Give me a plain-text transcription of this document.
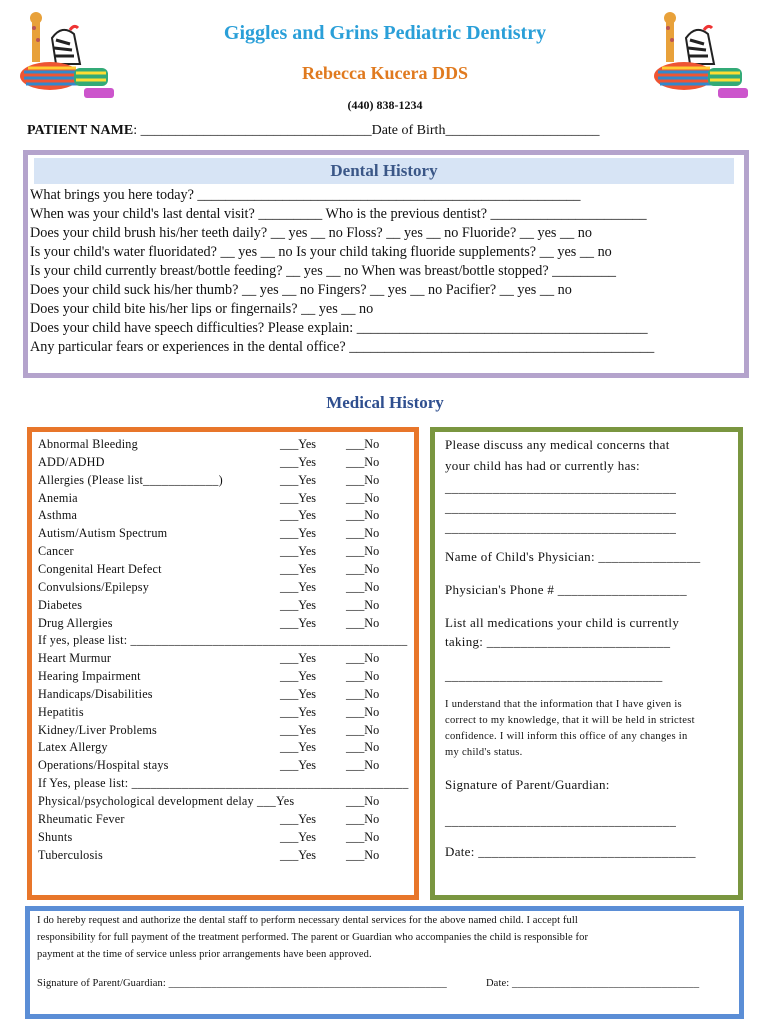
Giggles and Grins Pediatric Dentistry
Rebecca Kucera DDS
(440) 838-1234
PATIENT NAME: _________________________________Date of Birth______________________
Dental History
What brings you here today? ______________________________________________________
When was your child's last dental visit? _________ Who is the previous dentist? ______________________
Does your child brush his/her teeth daily? __ yes __ no Floss? __ yes __ no Fluoride? __ yes __ no
Is your child's water fluoridated? __ yes __ no Is your child taking fluoride supplements? __ yes __ no
Is your child currently breast/bottle feeding? __ yes __ no When was breast/bottle stopped? _________
Does your child suck his/her thumb? __ yes __ no Fingers? __ yes __ no Pacifier? __ yes __ no
Does your child bite his/her lips or fingernails? __ yes __ no
Does your child have speech difficulties? Please explain: _________________________________________
Any particular fears or experiences in the dental office? ___________________________________________
Medical History
Abnormal Bleeding	___Yes ___No
ADD/ADHD	___Yes ___No
Allergies (Please list____________)	___Yes ___No
Anemia	___Yes ___No
Asthma	___Yes ___No
Autism/Autism Spectrum	___Yes ___No
Cancer	___Yes ___No
Congenital Heart Defect	___Yes ___No
Convulsions/Epilepsy	___Yes ___No
Diabetes	___Yes ___No
Drug Allergies	___Yes ___No
If yes, please list: ____________________________________________
Heart Murmur	___Yes ___No
Hearing Impairment	___Yes ___No
Handicaps/Disabilities	___Yes ___No
Hepatitis	___Yes ___No
Kidney/Liver Problems	___Yes ___No
Latex Allergy	___Yes ___No
Operations/Hospital stays	___Yes ___No
If Yes, please list: ____________________________________________
Physical/psychological development delay ___Yes	___No
Rheumatic Fever	___Yes ___No
Shunts	___Yes ___No
Tuberculosis	___Yes ___No
Please discuss any medical concerns that
your child has had or currently has:
__________________________________
__________________________________
__________________________________
Name of Child's Physician: _______________
Physician's Phone # ___________________
List all medications your child is currently
taking: ___________________________
________________________________
I understand that the information that I have given is
correct to my knowledge, that it will be held in strictest
confidence. I will inform this office of any changes in
my child's status.
Signature of Parent/Guardian:
__________________________________
Date: ________________________________
I do hereby request and authorize the dental staff to perform necessary dental services for the above named child. I accept full
responsibility for full payment of the treatment performed. The parent or Guardian who accompanies the child is responsible for
payment at the time of service unless prior arrangements have been approved.
Signature of Parent/Guardian: ____________________________________________________	Date: ___________________________________
